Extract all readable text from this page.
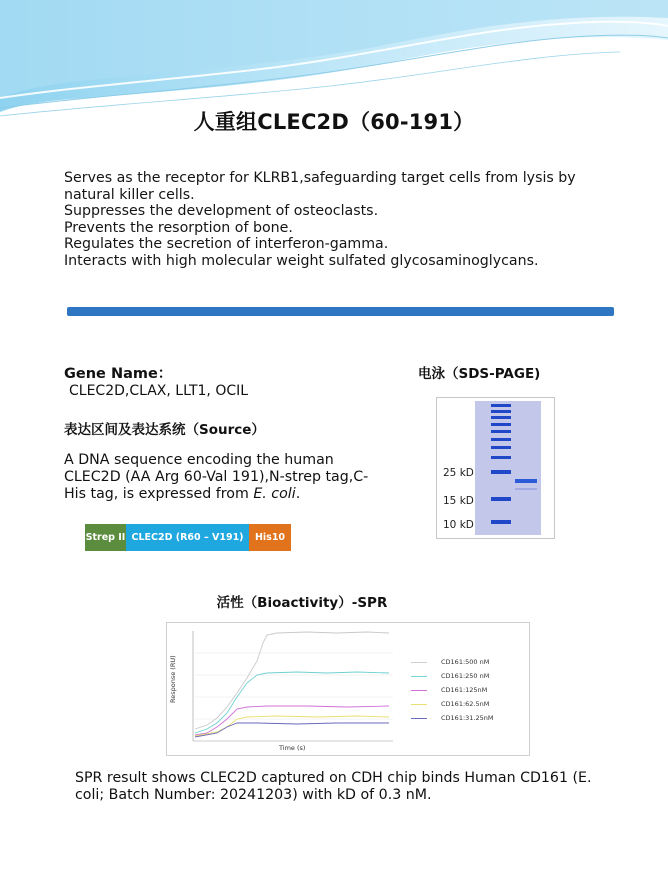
人重组CLEC2D（60-191）
Serves as the receptor for KLRB1,safeguarding target cells from lysis by natural killer cells.
Suppresses the development of osteoclasts.
Prevents the resorption of bone.
Regulates the secretion of interferon-gamma.
Interacts with high molecular weight sulfated glycosaminoglycans.
Gene Name：
CLEC2D,CLAX, LLT1, OCIL
表达区间及表达系统（Source）
A DNA sequence encoding the human CLEC2D (AA Arg 60-Val 191),N-strep tag,C-His tag, is expressed from E. coli.
Strep II CLEC2D (R60 – V191)	His10
电泳（SDS-PAGE)
25 kD
15 kD
10 kD
活性（Bioactivity）-SPR
Response (RU)
Time (s)
CD161:500 nM
CD161:250 nM
CD161:125nM
CD161:62.5nM
CD161:31.25nM
SPR result shows CLEC2D captured on CDH chip binds Human CD161 (E. coli; Batch Number: 20241203) with kD of 0.3 nM.
